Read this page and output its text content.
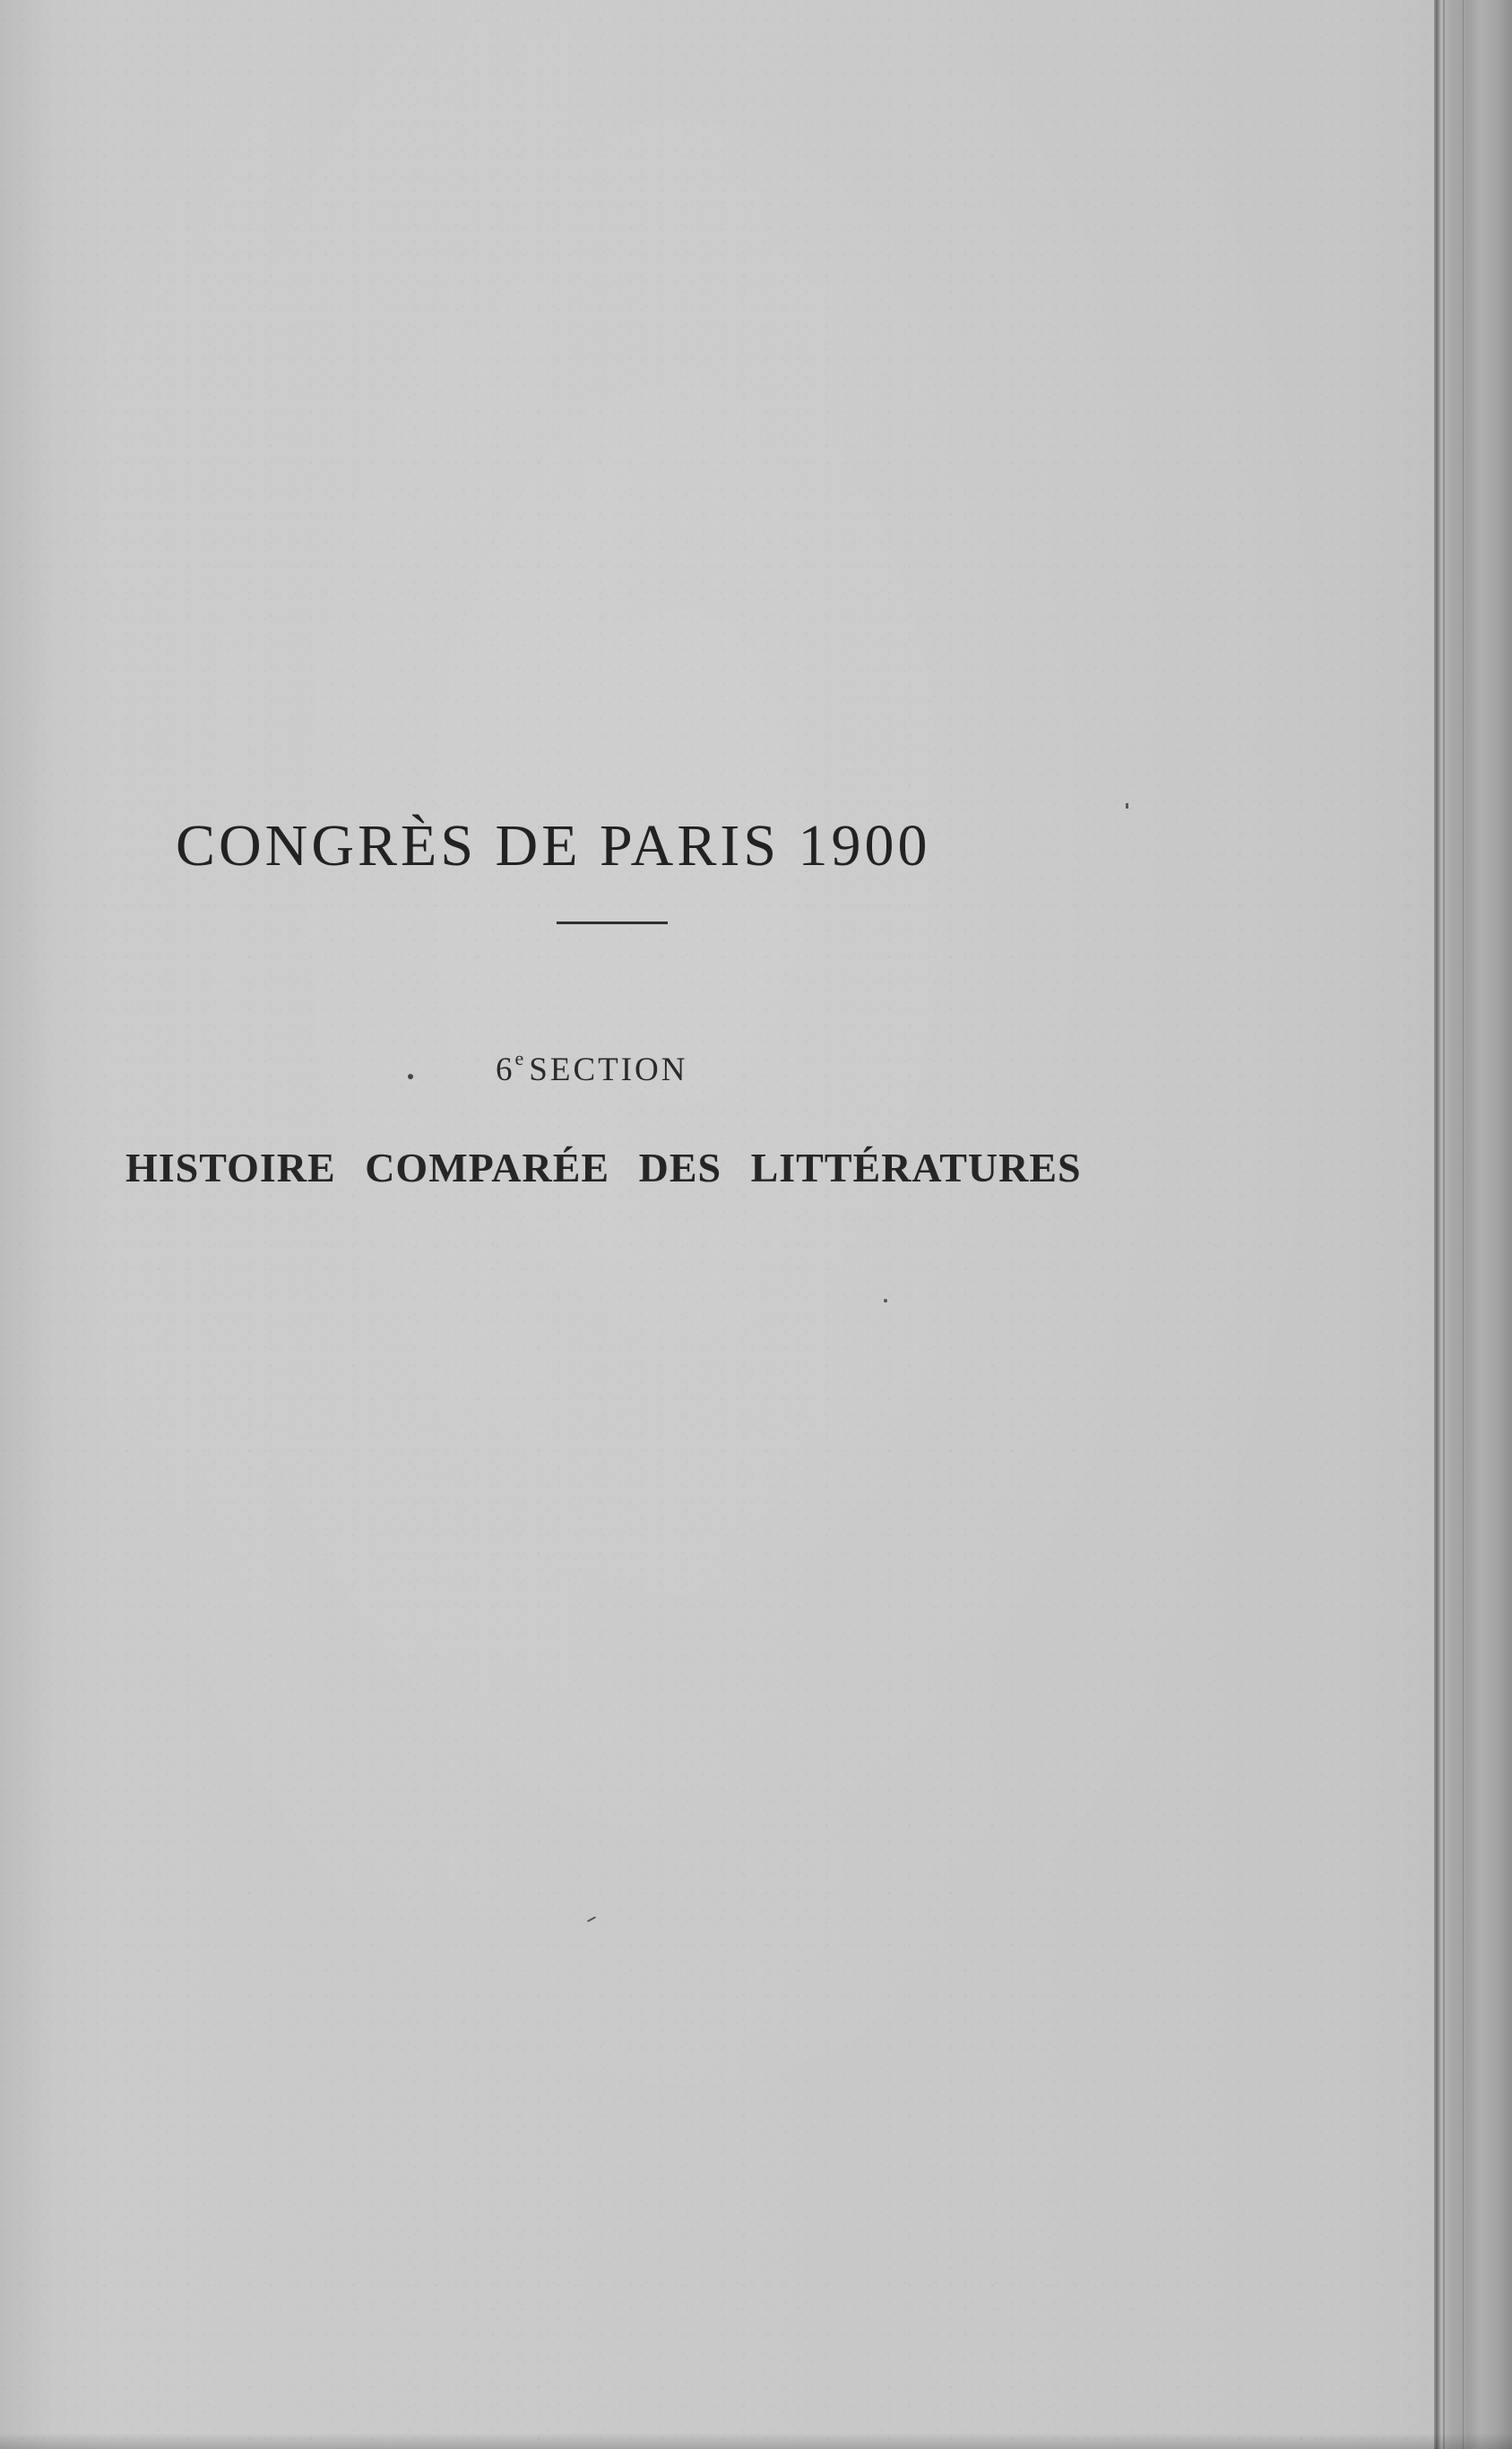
CONGRÈS DE PARIS 1900

6e SECTION

HISTOIRE COMPARÉE DES LITTÉRATURES
